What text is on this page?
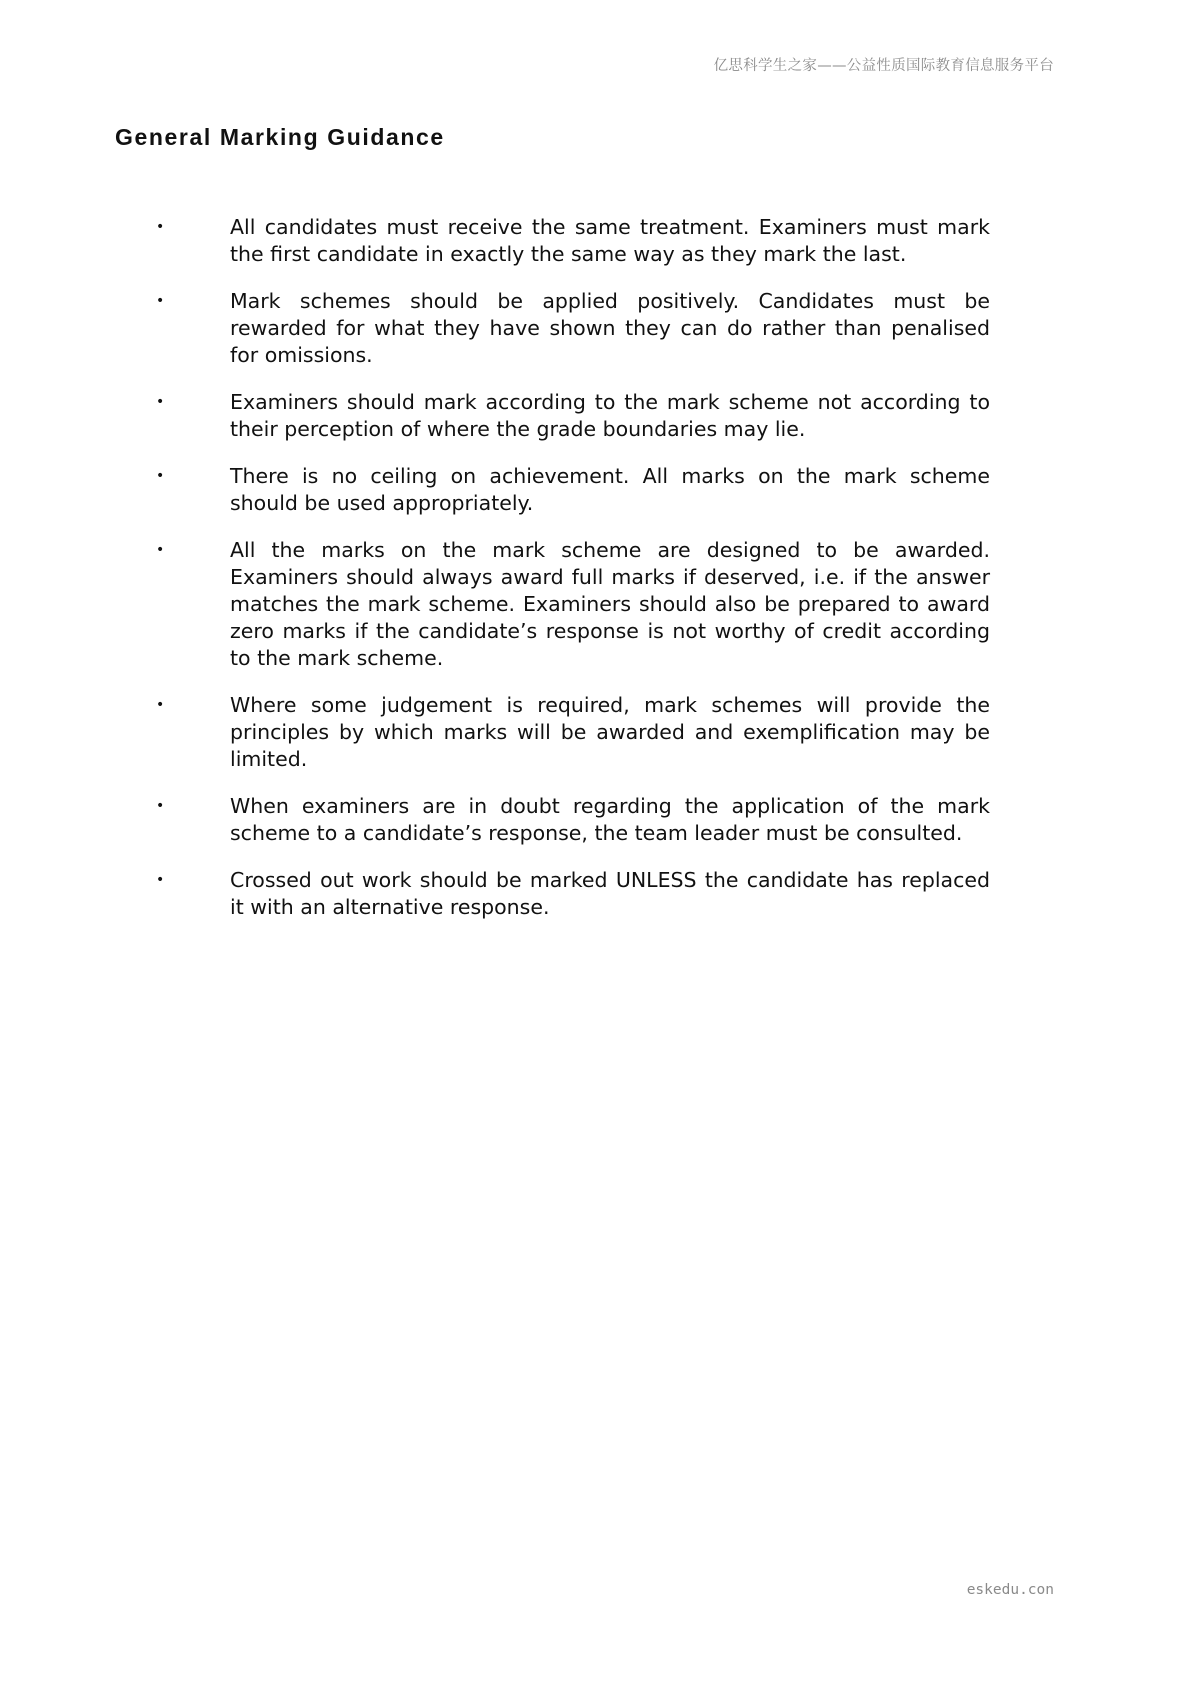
亿思科学生之家——公益性质国际教育信息服务平台
General Marking Guidance
•	All candidates must receive the same treatment. Examiners must mark the first candidate in exactly the same way as they mark the last.
•	Mark schemes should be applied positively. Candidates must be rewarded for what they have shown they can do rather than penalised for omissions.
•	Examiners should mark according to the mark scheme not according to their perception of where the grade boundaries may lie.
•	There is no ceiling on achievement. All marks on the mark scheme should be used appropriately.
•	All the marks on the mark scheme are designed to be awarded. Examiners should always award full marks if deserved, i.e. if the answer matches the mark scheme. Examiners should also be prepared to award zero marks if the candidate’s response is not worthy of credit according to the mark scheme.
•	Where some judgement is required, mark schemes will provide the principles by which marks will be awarded and exemplification may be limited.
•	When examiners are in doubt regarding the application of the mark scheme to a candidate’s response, the team leader must be consulted.
•	Crossed out work should be marked UNLESS the candidate has replaced it with an alternative response.
eskedu.con
